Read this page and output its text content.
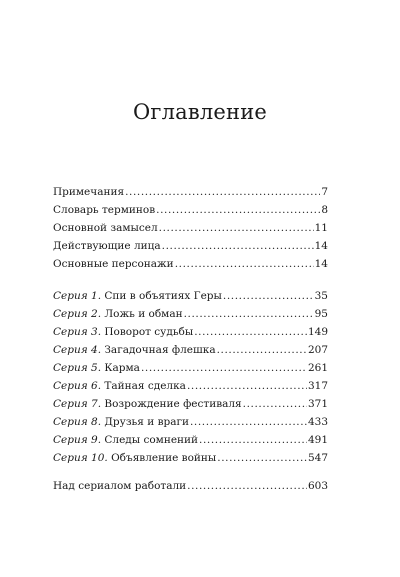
Оглавление
Примечания .....	7
Словарь терминов .....	8
Основной замысел .....	11
Действующие лица .....	14
Основные персонажи .....	14
Серия 1. Спи в объятиях Геры .....	35
Серия 2. Ложь и обман .....	95
Серия 3. Поворот судьбы .....	149
Серия 4. Загадочная флешка .....	207
Серия 5. Карма .....	261
Серия 6. Тайная сделка .....	317
Серия 7. Возрождение фестиваля .....	371
Серия 8. Друзья и враги .....	433
Серия 9. Следы сомнений .....	491
Серия 10. Объявление войны .....	547
Над сериалом работали .....	603
